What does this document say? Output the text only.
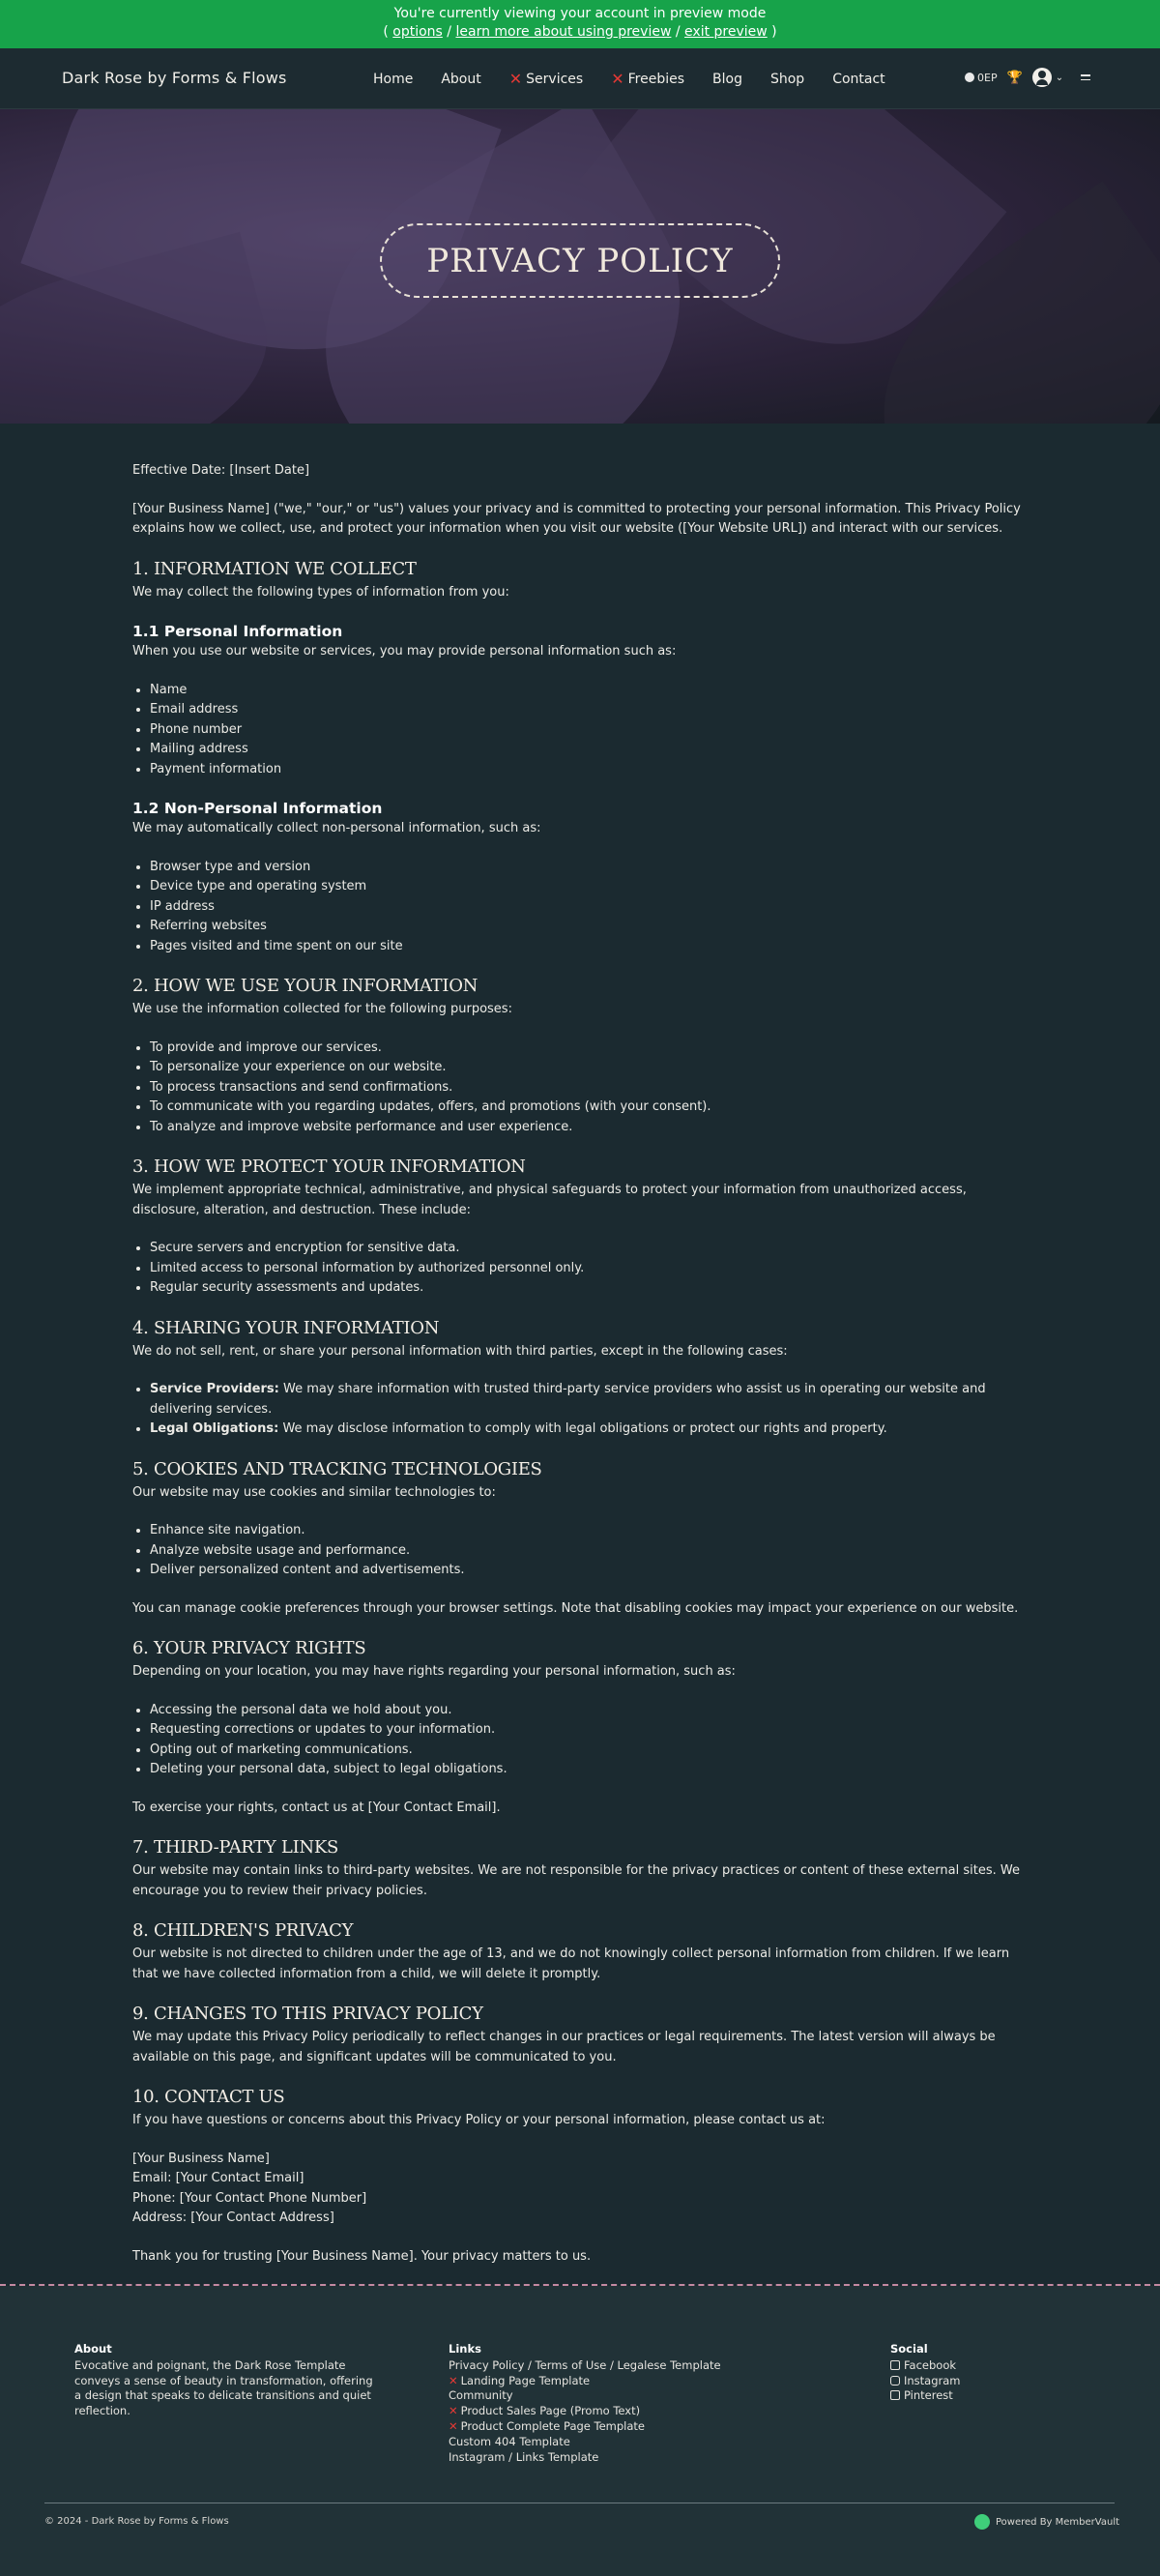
You're currently viewing your account in preview mode
( options / learn more about using preview / exit preview )
Dark Rose by Forms & Flows	Home About ✕ Services ✕ Freebies Blog Shop Contact	0EP 🏆	⌄
PRIVACY POLICY

Effective Date: [Insert Date]

[Your Business Name] ("we," "our," or "us") values your privacy and is committed to protecting your personal information. This Privacy Policy explains how we collect, use, and protect your information when you visit our website ([Your Website URL]) and interact with our services.

1. INFORMATION WE COLLECT

We may collect the following types of information from you:

1.1 Personal Information

When you use our website or services, you may provide personal information such as:

• Name
• Email address
• Phone number
• Mailing address
• Payment information
1.2 Non-Personal Information

We may automatically collect non-personal information, such as:

• Browser type and version
• Device type and operating system
• IP address
• Referring websites
• Pages visited and time spent on our site
2. HOW WE USE YOUR INFORMATION

We use the information collected for the following purposes:

• To provide and improve our services.
• To personalize your experience on our website.
• To process transactions and send confirmations.
• To communicate with you regarding updates, offers, and promotions (with your consent).
• To analyze and improve website performance and user experience.
3. HOW WE PROTECT YOUR INFORMATION

We implement appropriate technical, administrative, and physical safeguards to protect your information from unauthorized access, disclosure, alteration, and destruction. These include:

• Secure servers and encryption for sensitive data.
• Limited access to personal information by authorized personnel only.
• Regular security assessments and updates.
4. SHARING YOUR INFORMATION

We do not sell, rent, or share your personal information with third parties, except in the following cases:

• Service Providers: We may share information with trusted third-party service providers who assist us in operating our website and delivering services.
• Legal Obligations: We may disclose information to comply with legal obligations or protect our rights and property.
5. COOKIES AND TRACKING TECHNOLOGIES

Our website may use cookies and similar technologies to:

• Enhance site navigation.
• Analyze website usage and performance.
• Deliver personalized content and advertisements.

You can manage cookie preferences through your browser settings. Note that disabling cookies may impact your experience on our website.

6. YOUR PRIVACY RIGHTS

Depending on your location, you may have rights regarding your personal information, such as:

• Accessing the personal data we hold about you.
• Requesting corrections or updates to your information.
• Opting out of marketing communications.
• Deleting your personal data, subject to legal obligations.

To exercise your rights, contact us at [Your Contact Email].

7. THIRD-PARTY LINKS

Our website may contain links to third-party websites. We are not responsible for the privacy practices or content of these external sites. We encourage you to review their privacy policies.

8. CHILDREN'S PRIVACY

Our website is not directed to children under the age of 13, and we do not knowingly collect personal information from children. If we learn that we have collected information from a child, we will delete it promptly.

9. CHANGES TO THIS PRIVACY POLICY

We may update this Privacy Policy periodically to reflect changes in our practices or legal requirements. The latest version will always be available on this page, and significant updates will be communicated to you.

10. CONTACT US

If you have questions or concerns about this Privacy Policy or your personal information, please contact us at:

[Your Business Name]
Email: [Your Contact Email]
Phone: [Your Contact Phone Number]
Address: [Your Contact Address]

Thank you for trusting [Your Business Name]. Your privacy matters to us.

About
Evocative and poignant, the Dark Rose Template conveys a sense of beauty in transformation, offering a design that speaks to delicate transitions and quiet reflection.
Links
Privacy Policy / Terms of Use / Legalese Template
✕ Landing Page Template
Community
✕ Product Sales Page (Promo Text)
✕ Product Complete Page Template
Custom 404 Template
Instagram / Links Template
Social
Facebook
Instagram
Pinterest
© 2024 - Dark Rose by Forms & Flows	Powered By MemberVault
